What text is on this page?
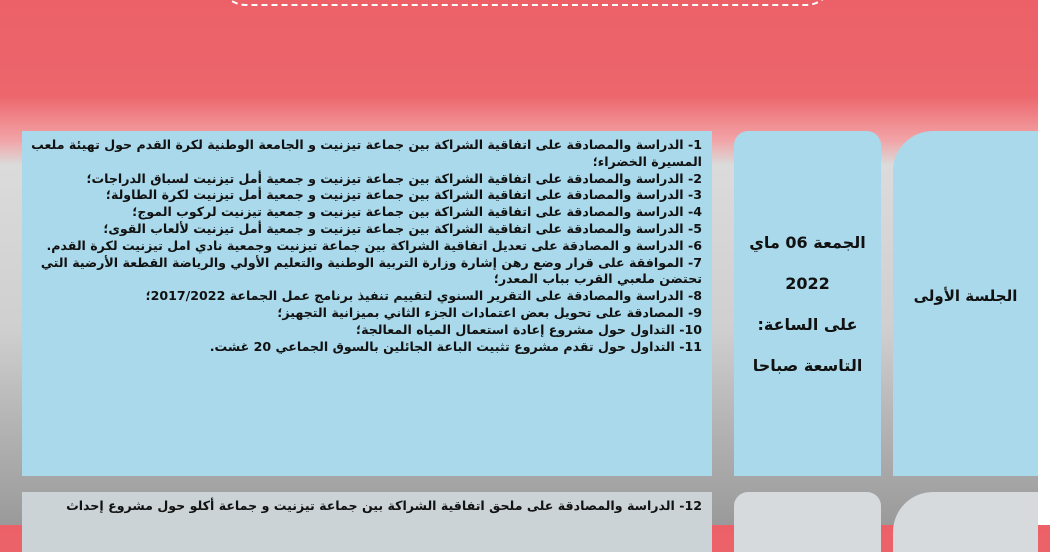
1- الدراسة والمصادقة على اتفاقية الشراكة بين جماعة تيزنيت و الجامعة الوطنية لكرة القدم حول تهيئة ملعب المسيرة الخضراء؛
2- الدراسة والمصادقة على اتفاقية الشراكة بين جماعة تيزنيت و جمعية أمل تيزنيت لسباق الدراجات؛
3- الدراسة والمصادقة على اتفاقية الشراكة بين جماعة تيزنيت و جمعية أمل تيزنيت لكرة الطاولة؛
4- الدراسة والمصادقة على اتفاقية الشراكة بين جماعة تيزنيت و جمعية تيزنيت لركوب الموج؛
5- الدراسة والمصادقة على اتفاقية الشراكة بين جماعة تيزنيت و جمعية أمل تيزنيت لألعاب القوى؛
6- الدراسة و المصادقة على تعديل اتفاقية الشراكة بين جماعة تيزنيت وجمعية نادي امل تيزنيت لكرة القدم.
7- الموافقة على قرار وضع رهن إشارة وزارة التربية الوطنية والتعليم الأولي والرياضة القطعة الأرضية التي تحتضن ملعبي القرب بباب المعدر؛
8- الدراسة والمصادقة على التقرير السنوي لتقييم تنفيذ برنامج عمل الجماعة 2017/2022؛
9- المصادقة على تحويل بعض اعتمادات الجزء الثاني بميزانية التجهيز؛
10- التداول حول مشروع إعادة استعمال المياه المعالجة؛
11- التداول حول تقدم مشروع تثبيت الباعة الجائلين بالسوق الجماعي 20 غشت.
الجمعة 06 ماي
2022
على الساعة:
التاسعة صباحا
الجلسة الأولى
12- الدراسة والمصادقة على ملحق اتفاقية الشراكة بين جماعة تيزنيت و جماعة أكلو حول مشروع إحداث
